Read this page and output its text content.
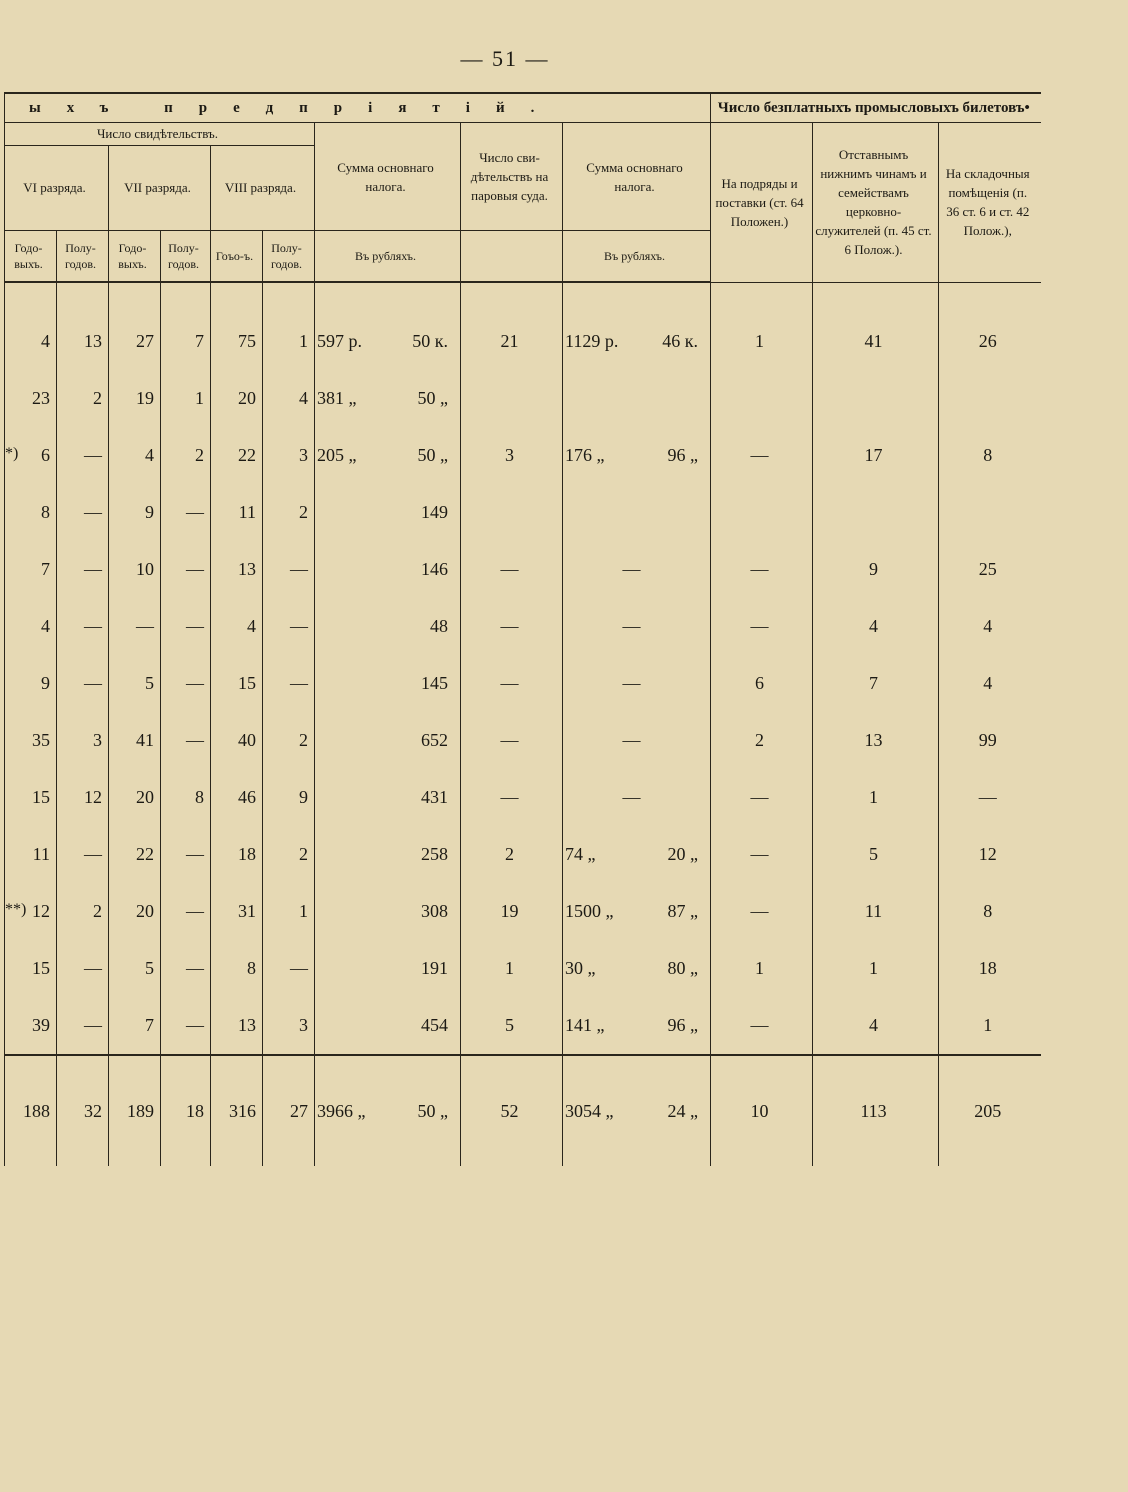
— 51 —
ыхъ предпріятій.									Число безплатныхъ промысловыхъ билетовъ•		
Число свидѣтельствъ.						Сумма основнаго налога.	Число сви-дѣтельствъ на паровыя суда.	Сумма основнаго налога.	На подряды и поставки (ст. 64 Положен.)	Отставнымъ нижнимъ чинамъ и семействамъ церковно-служителей (п. 45 ст. 6 Полож.).	На складочныя помѣщенія (п. 36 ст. 6 и ст. 42 Полож.),
VI разряда.		VII разряда.		VIII разряда.							
Годо-выхъ.	Полу-годов.	Годо-выхъ.	Полу-годов.	Гоъо-ъ.	Полу-годов.	Въ рубляхъ.		Въ рубляхъ.			

4	13	27	7	75	1	597 р. 50 к.	21	1129 р. 46 к.	1	41	26

23	2	19	1	20	4	381 „ 50 „					

*) 6	—	4	2	22	3	205 „ 50 „	3	176 „ 96 „	—	17	8

8	—	9	—	11	2	149					

7	—	10	—	13	—	146	—	—	—	9	25

4	—	—	—	4	—	48	—	—	—	4	4

9	—	5	—	15	—	145	—	—	6	7	4

35	3	41	—	40	2	652	—	—	2	13	99

15	12	20	8	46	9	431	—	—	—	1	—

11	—	22	—	18	2	258	2	74 „ 20 „	—	5	12

**) 12	2	20	—	31	1	308	19	1500 „ 87 „	—	11	8

15	—	5	—	8	—	191	1	30 „ 80 „	1	1	18

39	—	7	—	13	3	454	5	141 „ 96 „	—	4	1
188	32	189	18	316	27	3966 „ 50 „	52	3054 „ 24 „	10	113	205
